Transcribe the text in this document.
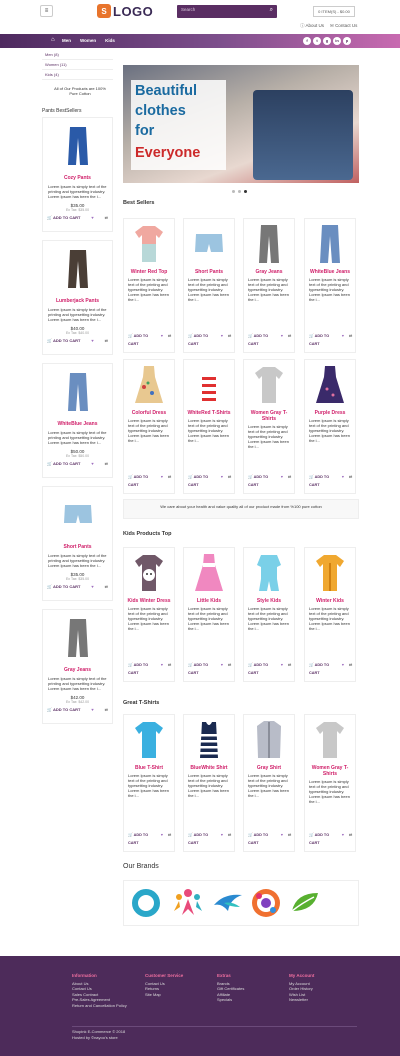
≡	S LOGO	Search	⌕	0 ITEM(S) - $0.00
ⓘ About Us ✉ Contact Us
⌂ Men Women Kids	f	t	g	in	p
Men (8)
Women (11)
Kids (4)
All of Our Products are 100% Pure Cotton
Pants BestSellers
Cozy Pants
Lorem Ipsum is simply text of the printing and typesetting industry. Lorem Ipsum has been the i...
$35.00
Ex Tax: $35.00
🛒 ADD TO CART	♥	⇄
Lumberjack Pants
Lorem Ipsum is simply text of the printing and typesetting industry. Lorem Ipsum has been the i...
$40.00
Ex Tax: $40.00
🛒 ADD TO CART	♥	⇄
WhiteBlue Jeans
Lorem Ipsum is simply text of the printing and typesetting industry. Lorem Ipsum has been the i...
$50.00
Ex Tax: $50.00
🛒 ADD TO CART	♥	⇄
Short Pants
Lorem Ipsum is simply text of the printing and typesetting industry. Lorem Ipsum has been the i...
$35.00
Ex Tax: $35.00
🛒 ADD TO CART	♥	⇄
Gray Jeans
Lorem Ipsum is simply text of the printing and typesetting industry. Lorem Ipsum has been the i...
$42.00
Ex Tax: $42.00
🛒 ADD TO CART	♥	⇄
Beautiful
clothes
for
Everyone
Best Sellers
We care about your health and value quality all of our product made from %100 pure cotton
Kids Products Top
Great T-Shirts
Winter Red Top
Lorem Ipsum is simply text of the printing and typesetting industry. Lorem Ipsum has been the i...
🛒 ADD TO
CART
♥ ⇄
Short Pants
Lorem Ipsum is simply text of the printing and typesetting industry. Lorem Ipsum has been the i...
🛒 ADD TO
CART
♥ ⇄
Gray Jeans
Lorem Ipsum is simply text of the printing and typesetting industry. Lorem Ipsum has been the i...
🛒 ADD TO
CART
♥ ⇄
WhiteBlue Jeans
Lorem Ipsum is simply text of the printing and typesetting industry. Lorem Ipsum has been the i...
🛒 ADD TO
CART
♥ ⇄
Colorful Dress
Lorem Ipsum is simply text of the printing and typesetting industry. Lorem Ipsum has been the i...
🛒 ADD TO
CART
♥ ⇄
WhiteRed T-Shirts
Lorem Ipsum is simply text of the printing and typesetting industry. Lorem Ipsum has been the i...
🛒 ADD TO
CART
♥ ⇄
Women Gray T-Shirts
Lorem Ipsum is simply text of the printing and typesetting industry. Lorem Ipsum has been the i...
🛒 ADD TO
CART
♥ ⇄
Purple Dress
Lorem Ipsum is simply text of the printing and typesetting industry. Lorem Ipsum has been the i...
🛒 ADD TO
CART
♥ ⇄
Kids Winter Dress
Lorem Ipsum is simply text of the printing and typesetting industry. Lorem Ipsum has been the i...
🛒 ADD TO
CART
♥ ⇄
Little Kids
Lorem Ipsum is simply text of the printing and typesetting industry. Lorem Ipsum has been the i...
🛒 ADD TO
CART
♥ ⇄
Style Kids
Lorem Ipsum is simply text of the printing and typesetting industry. Lorem Ipsum has been the i...
🛒 ADD TO
CART
♥ ⇄
Winter Kids
Lorem Ipsum is simply text of the printing and typesetting industry. Lorem Ipsum has been the i...
🛒 ADD TO
CART
♥ ⇄
Blue T-Shirt
Lorem Ipsum is simply text of the printing and typesetting industry. Lorem Ipsum has been the i...
🛒 ADD TO
CART
♥ ⇄
BlueWhite Shirt
Lorem Ipsum is simply text of the printing and typesetting industry. Lorem Ipsum has been the i...
🛒 ADD TO
CART
♥ ⇄
Gray Shirt
Lorem Ipsum is simply text of the printing and typesetting industry. Lorem Ipsum has been the i...
🛒 ADD TO
CART
♥ ⇄
Women Gray T-Shirts
Lorem Ipsum is simply text of the printing and typesetting industry. Lorem Ipsum has been the i...
🛒 ADD TO
CART
♥ ⇄
Our Brands
Information
About Us
Contact Us
Sales Contract
Pre-Sales Agreement
Return and Cancellation Policy
Customer Service
Contact Us
Returns
Site Map
Extras
Brands
Gift Certificates
Affiliate
Specials
My Account
My Account
Order History
Wish List
Newsletter
Shopink E-Commerce © 2018
Hosted by ©nayoo's store
